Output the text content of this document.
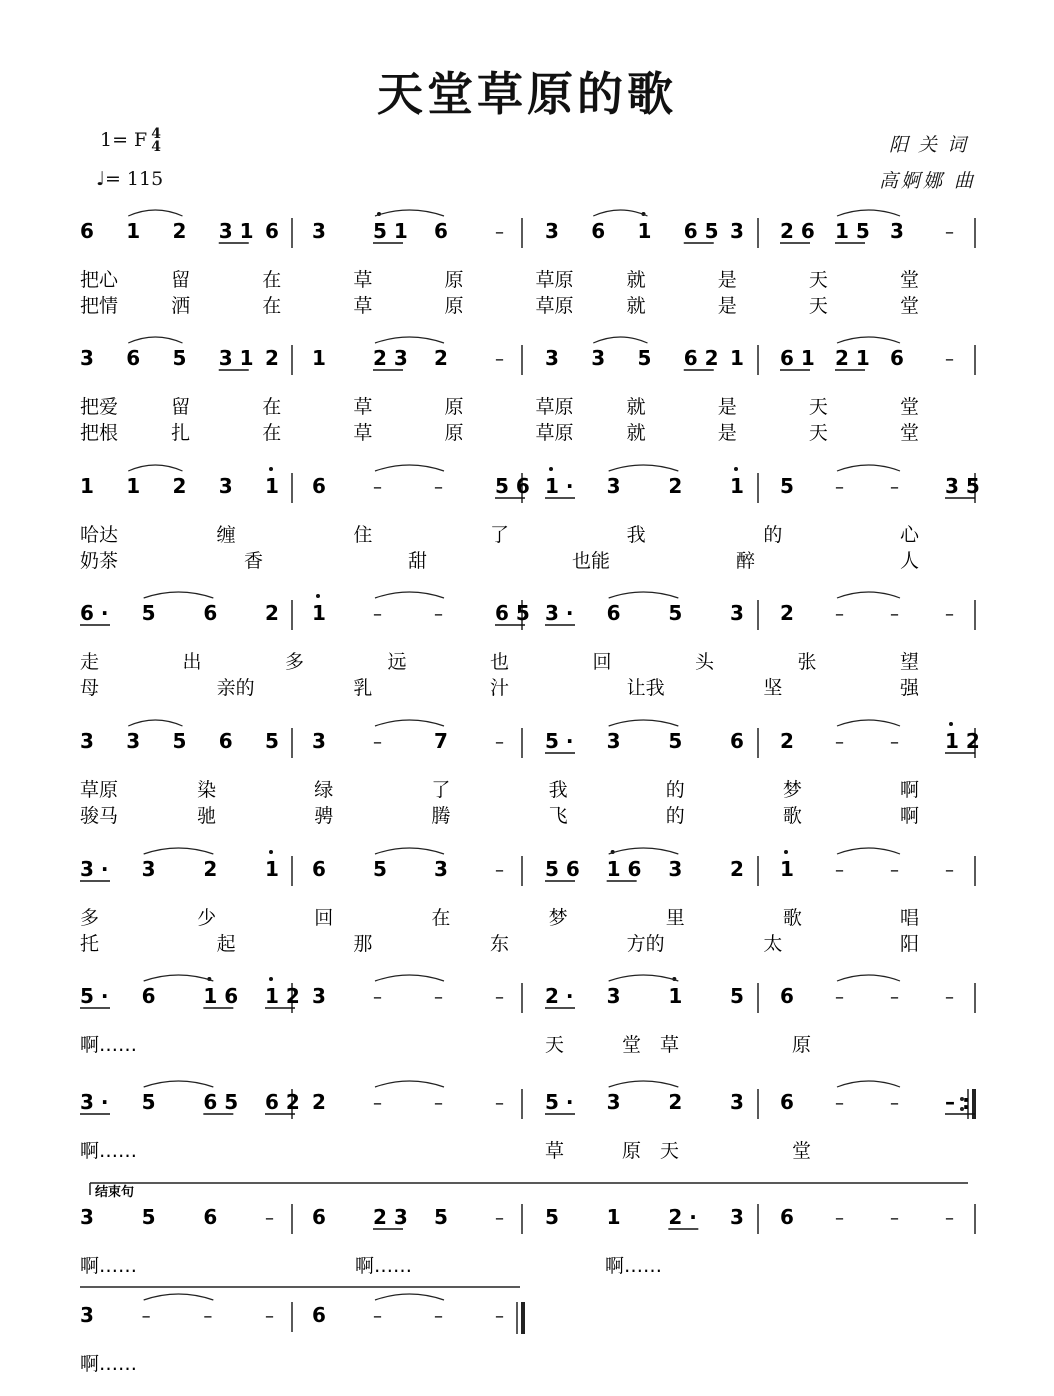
天堂草原的歌
1= F 4
4
♩= 115
阳关词
高婀娜 曲
6 1 2 3 1 6 3 5 1 6	– 3 6 1 6 5 3 2 6 1 5 3 –
把心	留	在	草	原	草原	就	是	天	堂
把情	洒	在	草	原	草原	就	是	天	堂
3 6 5 3 1 2 1 2 3 2	– 3 3 5 6 2 1 6 1 2 1 6 –
把爱	留	在	草	原	草原	就	是	天	堂
把根	扎	在	草	原	草原	就	是	天	堂
1 1 2 3 1 6	–	–	5 6 1 · 3 2 1 5 –	– 3 5
哈达	缠	住	了	我	的	心
奶茶	香	甜	也能	醉	人
6 · 5 6 2 1	–	–	6 5 3 · 6 5 3 2 –	–	–
走	出	多	远	也	回	头	张	望
母	亲的	乳	汁	让我	坚	强
3 3 5 6 5 3	–	7	– 5 · 3 5 6 2 –	– 1 2
草原	染	绿	了	我	的	梦	啊
骏马	驰	骋	腾	飞	的	歌	啊
3 · 3 2 1 6 5 3	– 5 6 1 6 3 2 1 –	–	–
多	少	回	在	梦	里	歌	唱
托	起	那	东	方的	太	阳
5 · 6 1 6 1 2 3	–	–	– 2 · 3 1 5 6 –	–	–
啊……	天	堂 草	原
3 · 5 6 5 6 2 2	–	–	– 5 · 3 2 3 6 –	– – :
啊……	草	原 天	堂
3 5 6	– 6 2 3 5	– 5 1 2 · 3 6 –	–	–
啊……	啊……	啊……
3	–	–	– 6	–	–	–
啊……
结束句
